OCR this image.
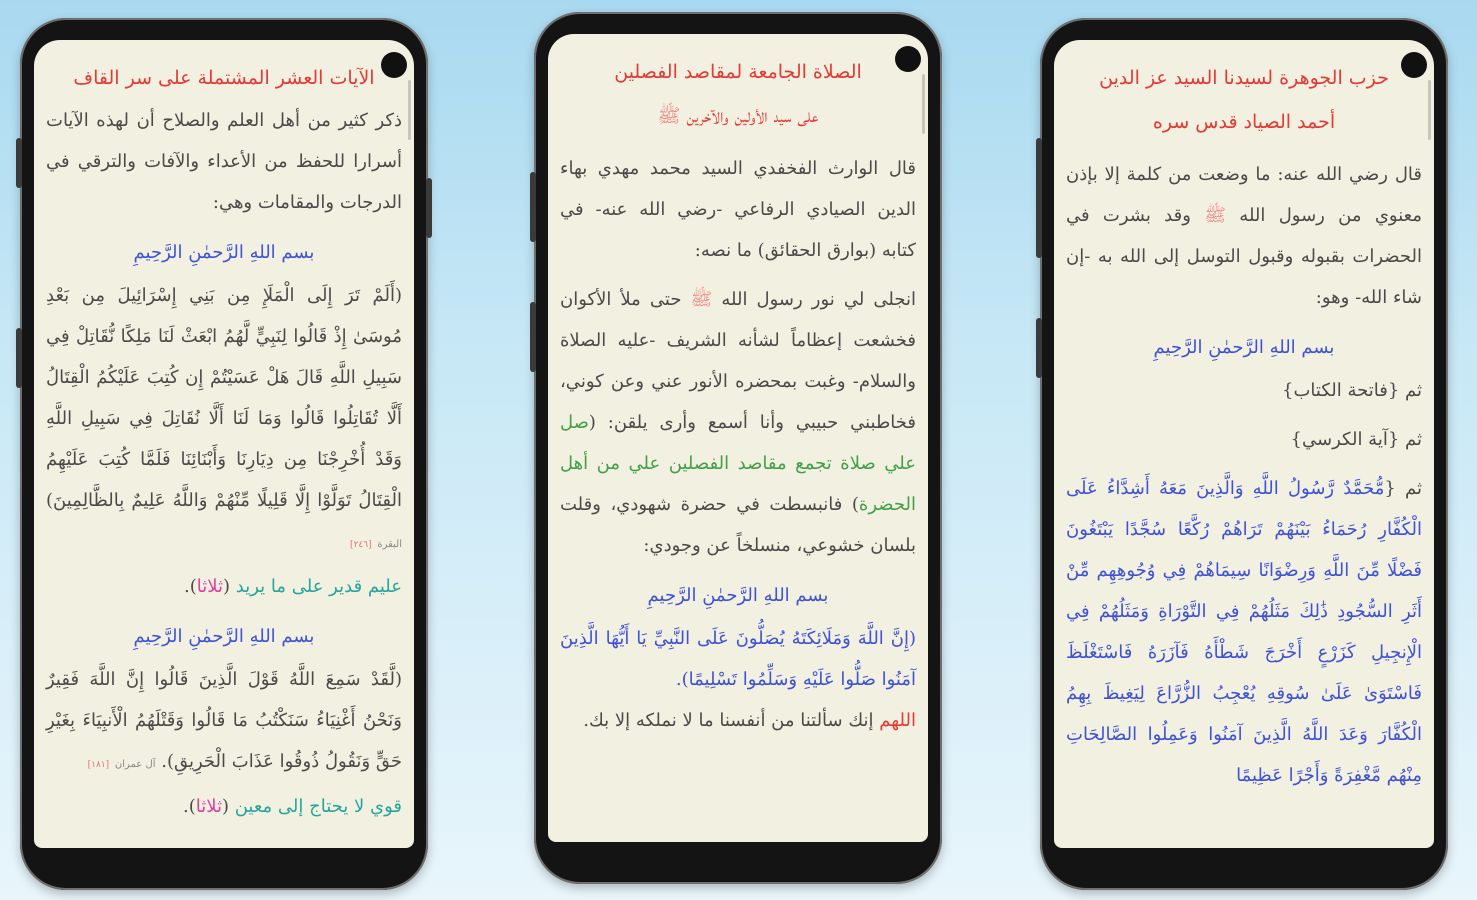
الآيات العشر المشتملة على سر القاف

ذكر كثير من أهل العلم والصلاح أن لهذه الآيات أسرارا للحفظ من الأعداء والآفات والترقي في الدرجات والمقامات وهي:

بسم اللهِ الرَّحمٰنِ الرَّحِيمِ

(أَلَمْ تَرَ إِلَى الْمَلَإِ مِن بَنِي إِسْرَائِيلَ مِن بَعْدِ مُوسَىٰ إِذْ قَالُوا لِنَبِيٍّ لَّهُمُ ابْعَثْ لَنَا مَلِكًا نُّقَاتِلْ فِي سَبِيلِ اللَّهِ قَالَ هَلْ عَسَيْتُمْ إِن كُتِبَ عَلَيْكُمُ الْقِتَالُ أَلَّا تُقَاتِلُوا قَالُوا وَمَا لَنَا أَلَّا نُقَاتِلَ فِي سَبِيلِ اللَّهِ وَقَدْ أُخْرِجْنَا مِن دِيَارِنَا وَأَبْنَائِنَا فَلَمَّا كُتِبَ عَلَيْهِمُ الْقِتَالُ تَوَلَّوْا إِلَّا قَلِيلًا مِّنْهُمْ وَاللَّهُ عَلِيمٌ بِالظَّالِمِينَ) البقرة [٢٤٦]

عليم قدير على ما يريد (ثلاثا).

بسم اللهِ الرَّحمٰنِ الرَّحِيمِ

(لَّقَدْ سَمِعَ اللَّهُ قَوْلَ الَّذِينَ قَالُوا إِنَّ اللَّهَ فَقِيرٌ وَنَحْنُ أَغْنِيَاءُ سَنَكْتُبُ مَا قَالُوا وَقَتْلَهُمُ الْأَنبِيَاءَ بِغَيْرِ حَقٍّ وَنَقُولُ ذُوقُوا عَذَابَ الْحَرِيقِ). آل عمران [١٨١]

قوي لا يحتاج إلى معين (ثلاثا).

الصلاة الجامعة لمقاصد الفصلين

على سيد الأولين والآخرين ﷺ

قال الوارث الفخفدي السيد محمد مهدي بهاء الدين الصيادي الرفاعي -رضي الله عنه- في كتابه (بوارق الحقائق) ما نصه:

انجلى لي نور رسول الله ﷺ حتى ملأ الأكوان فخشعت إعظاماً لشأنه الشريف -عليه الصلاة والسلام- وغبت بمحضره الأنور عني وعن كوني، فخاطبني حبيبي وأنا أسمع وأرى يلقن: (صل علي صلاة تجمع مقاصد الفصلين علي من أهل الحضرة) فانبسطت في حضرة شهودي، وقلت بلسان خشوعي، منسلخاً عن وجودي:

بسم اللهِ الرَّحمٰنِ الرَّحِيمِ

(إِنَّ اللَّهَ وَمَلَائِكَتَهُ يُصَلُّونَ عَلَى النَّبِيِّ يَا أَيُّهَا الَّذِينَ آمَنُوا صَلُّوا عَلَيْهِ وَسَلِّمُوا تَسْلِيمًا).

اللهم إنك سألتنا من أنفسنا ما لا نملكه إلا بك.

حزب الجوهرة لسيدنا السيد عز الدين

أحمد الصياد قدس سره

قال رضي الله عنه: ما وضعت من كلمة إلا بإذن معنوي من رسول الله ﷺ وقد بشرت في الحضرات بقبوله وقبول التوسل إلى الله به -إن شاء الله- وهو:

بسم اللهِ الرَّحمٰنِ الرَّحِيمِ

ثم {فاتحة الكتاب}

ثم {آية الكرسي}

ثم {مُّحَمَّدٌ رَّسُولُ اللَّهِ وَالَّذِينَ مَعَهُ أَشِدَّاءُ عَلَى الْكُفَّارِ رُحَمَاءُ بَيْنَهُمْ تَرَاهُمْ رُكَّعًا سُجَّدًا يَبْتَغُونَ فَضْلًا مِّنَ اللَّهِ وَرِضْوَانًا سِيمَاهُمْ فِي وُجُوهِهِم مِّنْ أَثَرِ السُّجُودِ ذَٰلِكَ مَثَلُهُمْ فِي التَّوْرَاةِ وَمَثَلُهُمْ فِي الْإِنجِيلِ كَزَرْعٍ أَخْرَجَ شَطْأَهُ فَآزَرَهُ فَاسْتَغْلَظَ فَاسْتَوَىٰ عَلَىٰ سُوقِهِ يُعْجِبُ الزُّرَّاعَ لِيَغِيظَ بِهِمُ الْكُفَّارَ وَعَدَ اللَّهُ الَّذِينَ آمَنُوا وَعَمِلُوا الصَّالِحَاتِ مِنْهُم مَّغْفِرَةً وَأَجْرًا عَظِيمًا
